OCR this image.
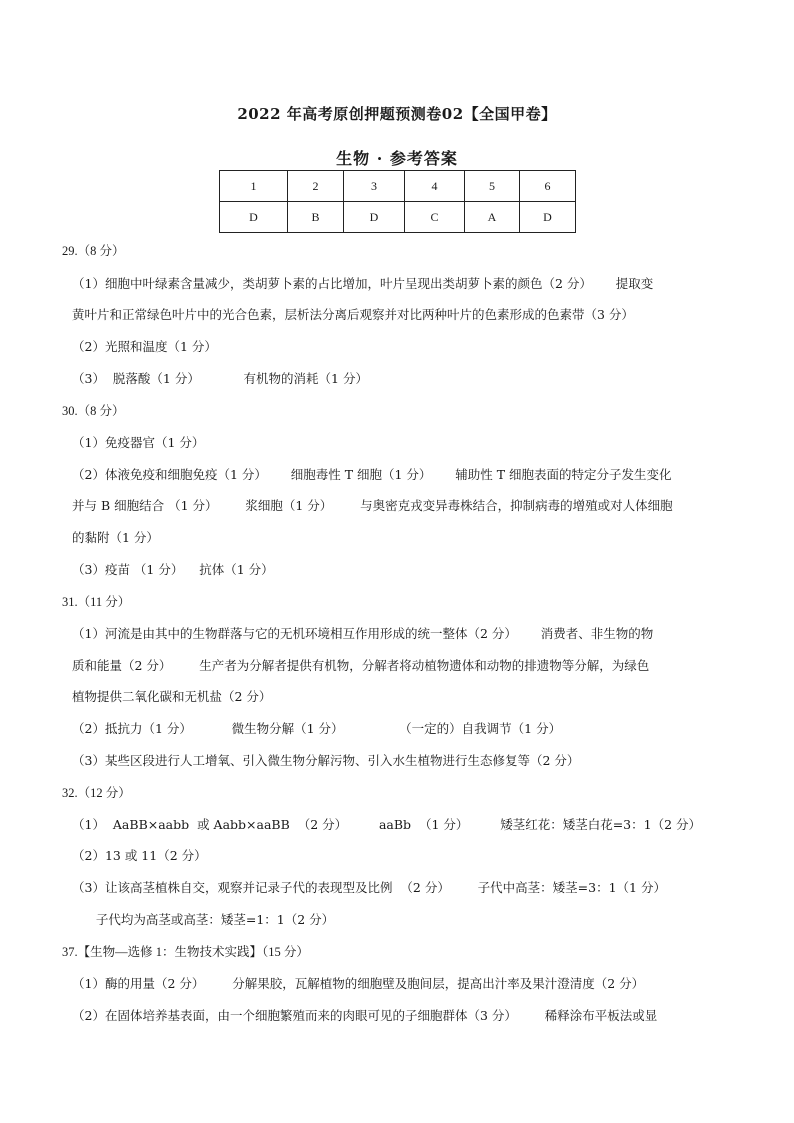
2022 年高考原创押题预测卷02【全国甲卷】
生物 · 参考答案
1	2	3	4	5	6
D	B	D	C	A	D
29.（8 分）
（1）细胞中叶绿素含量减少，类胡萝卜素的占比增加，叶片呈现出类胡萝卜素的颜色（2 分）      提取变
黄叶片和正常绿色叶片中的光合色素，层析法分离后观察并对比两种叶片的色素形成的色素带（3 分）
（2）光照和温度（1 分）
（3）  脱落酸（1 分）           有机物的消耗（1 分）
30.（8 分）
（1）免疫器官（1 分）
（2）体液免疫和细胞免疫（1 分）      细胞毒性 T 细胞（1 分）      辅助性 T 细胞表面的特定分子发生变化
并与 B 细胞结合 （1 分）       浆细胞（1 分）       与奥密克戎变异毒株结合，抑制病毒的增殖或对人体细胞
的黏附（1 分）
（3）疫苗 （1 分）    抗体（1 分）
31.（11 分）
（1）河流是由其中的生物群落与它的无机环境相互作用形成的统一整体（2 分）      消费者、非生物的物
质和能量（2 分）       生产者为分解者提供有机物，分解者将动植物遗体和动物的排遗物等分解，为绿色
植物提供二氧化碳和无机盐（2 分）
（2）抵抗力（1 分）          微生物分解（1 分）              （一定的）自我调节（1 分）
（3）某些区段进行人工增氧、引入微生物分解污物、引入水生植物进行生态修复等（2 分）
32.（12 分）
（1）  AaBB×aabb  或 Aabb×aaBB  （2 分）        aaBb  （1 分）        矮茎红花：矮茎白花=3：1（2 分）
（2）13 或 11（2 分）
（3）让该高茎植株自交，观察并记录子代的表现型及比例  （2 分）       子代中高茎：矮茎=3：1（1 分）
子代均为高茎或高茎：矮茎=1：1（2 分）
37.【生物—选修 1：生物技术实践】（15 分）
（1）酶的用量（2 分）       分解果胶，瓦解植物的细胞壁及胞间层，提高出汁率及果汁澄清度（2 分）
（2）在固体培养基表面，由一个细胞繁殖而来的肉眼可见的子细胞群体（3 分）       稀释涂布平板法或显
